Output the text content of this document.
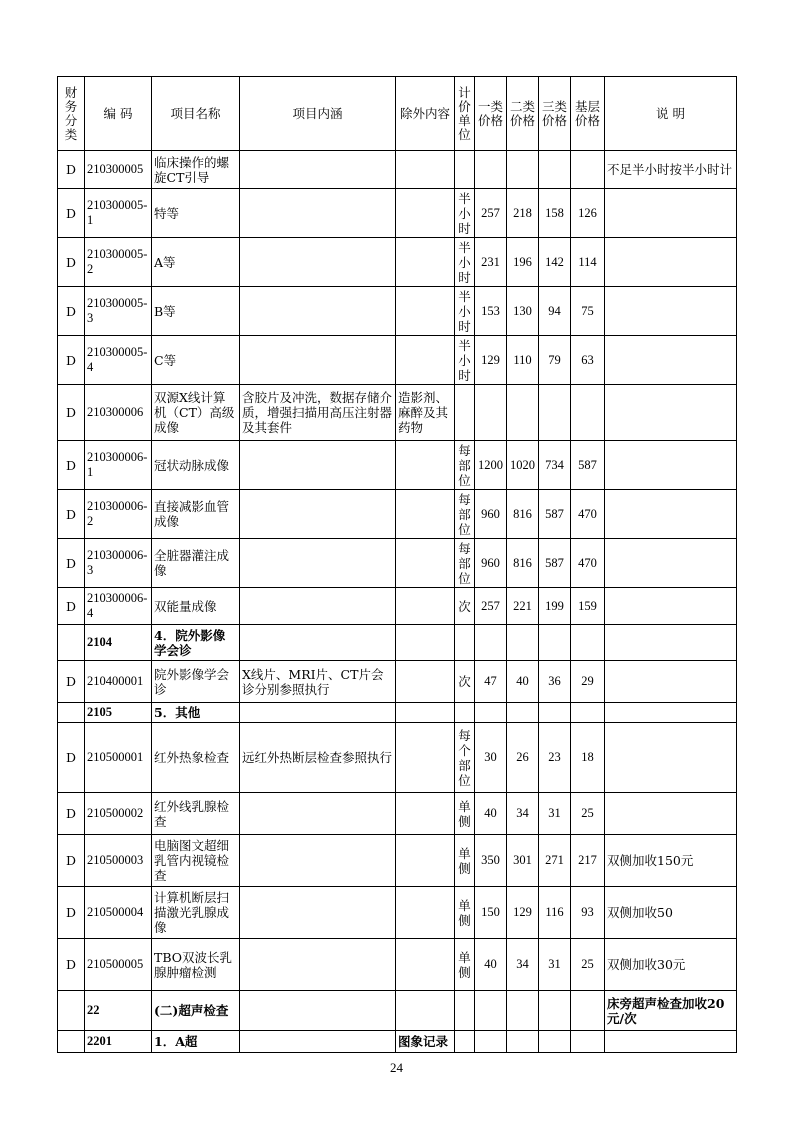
财务分类	编 码	项目名称	项目内涵	除外内容	计价单位	一类价格	二类价格	三类价格	基层价格	说 明
D	210300005	临床操作的螺旋CT引导								不足半小时按半小时计
D	210300005-1	特等			半小时	257	218	158	126	
D	210300005-2	A等			半小时	231	196	142	114	
D	210300005-3	B等			半小时	153	130	94	75	
D	210300005-4	C等			半小时	129	110	79	63	
D	210300006	双源X线计算机（CT）高级成像	含胶片及冲洗，数据存储介质，增强扫描用高压注射器及其套件	造影剂、麻醉及其药物						
D	210300006-1	冠状动脉成像			每部位	1200	1020	734	587	
D	210300006-2	直接减影血管成像			每部位	960	816	587	470	
D	210300006-3	全脏器灌注成像			每部位	960	816	587	470	
D	210300006-4	双能量成像			次	257	221	199	159	
	2104	4．院外影像学会诊								
D	210400001	院外影像学会诊	X线片、MRI片、CT片会诊分别参照执行		次	47	40	36	29	
	2105	5．其他								
D	210500001	红外热象检查	远红外热断层检查参照执行		每个部位	30	26	23	18	
D	210500002	红外线乳腺检查			单侧	40	34	31	25	
D	210500003	电脑图文超细乳管内视镜检查			单侧	350	301	271	217	双侧加收150元
D	210500004	计算机断层扫描激光乳腺成像			单侧	150	129	116	93	双侧加收50
D	210500005	TBO双波长乳腺肿瘤检测			单侧	40	34	31	25	双侧加收30元
	22	(二)超声检查								床旁超声检查加收20元/次
	2201	1．A超		图象记录						
24
